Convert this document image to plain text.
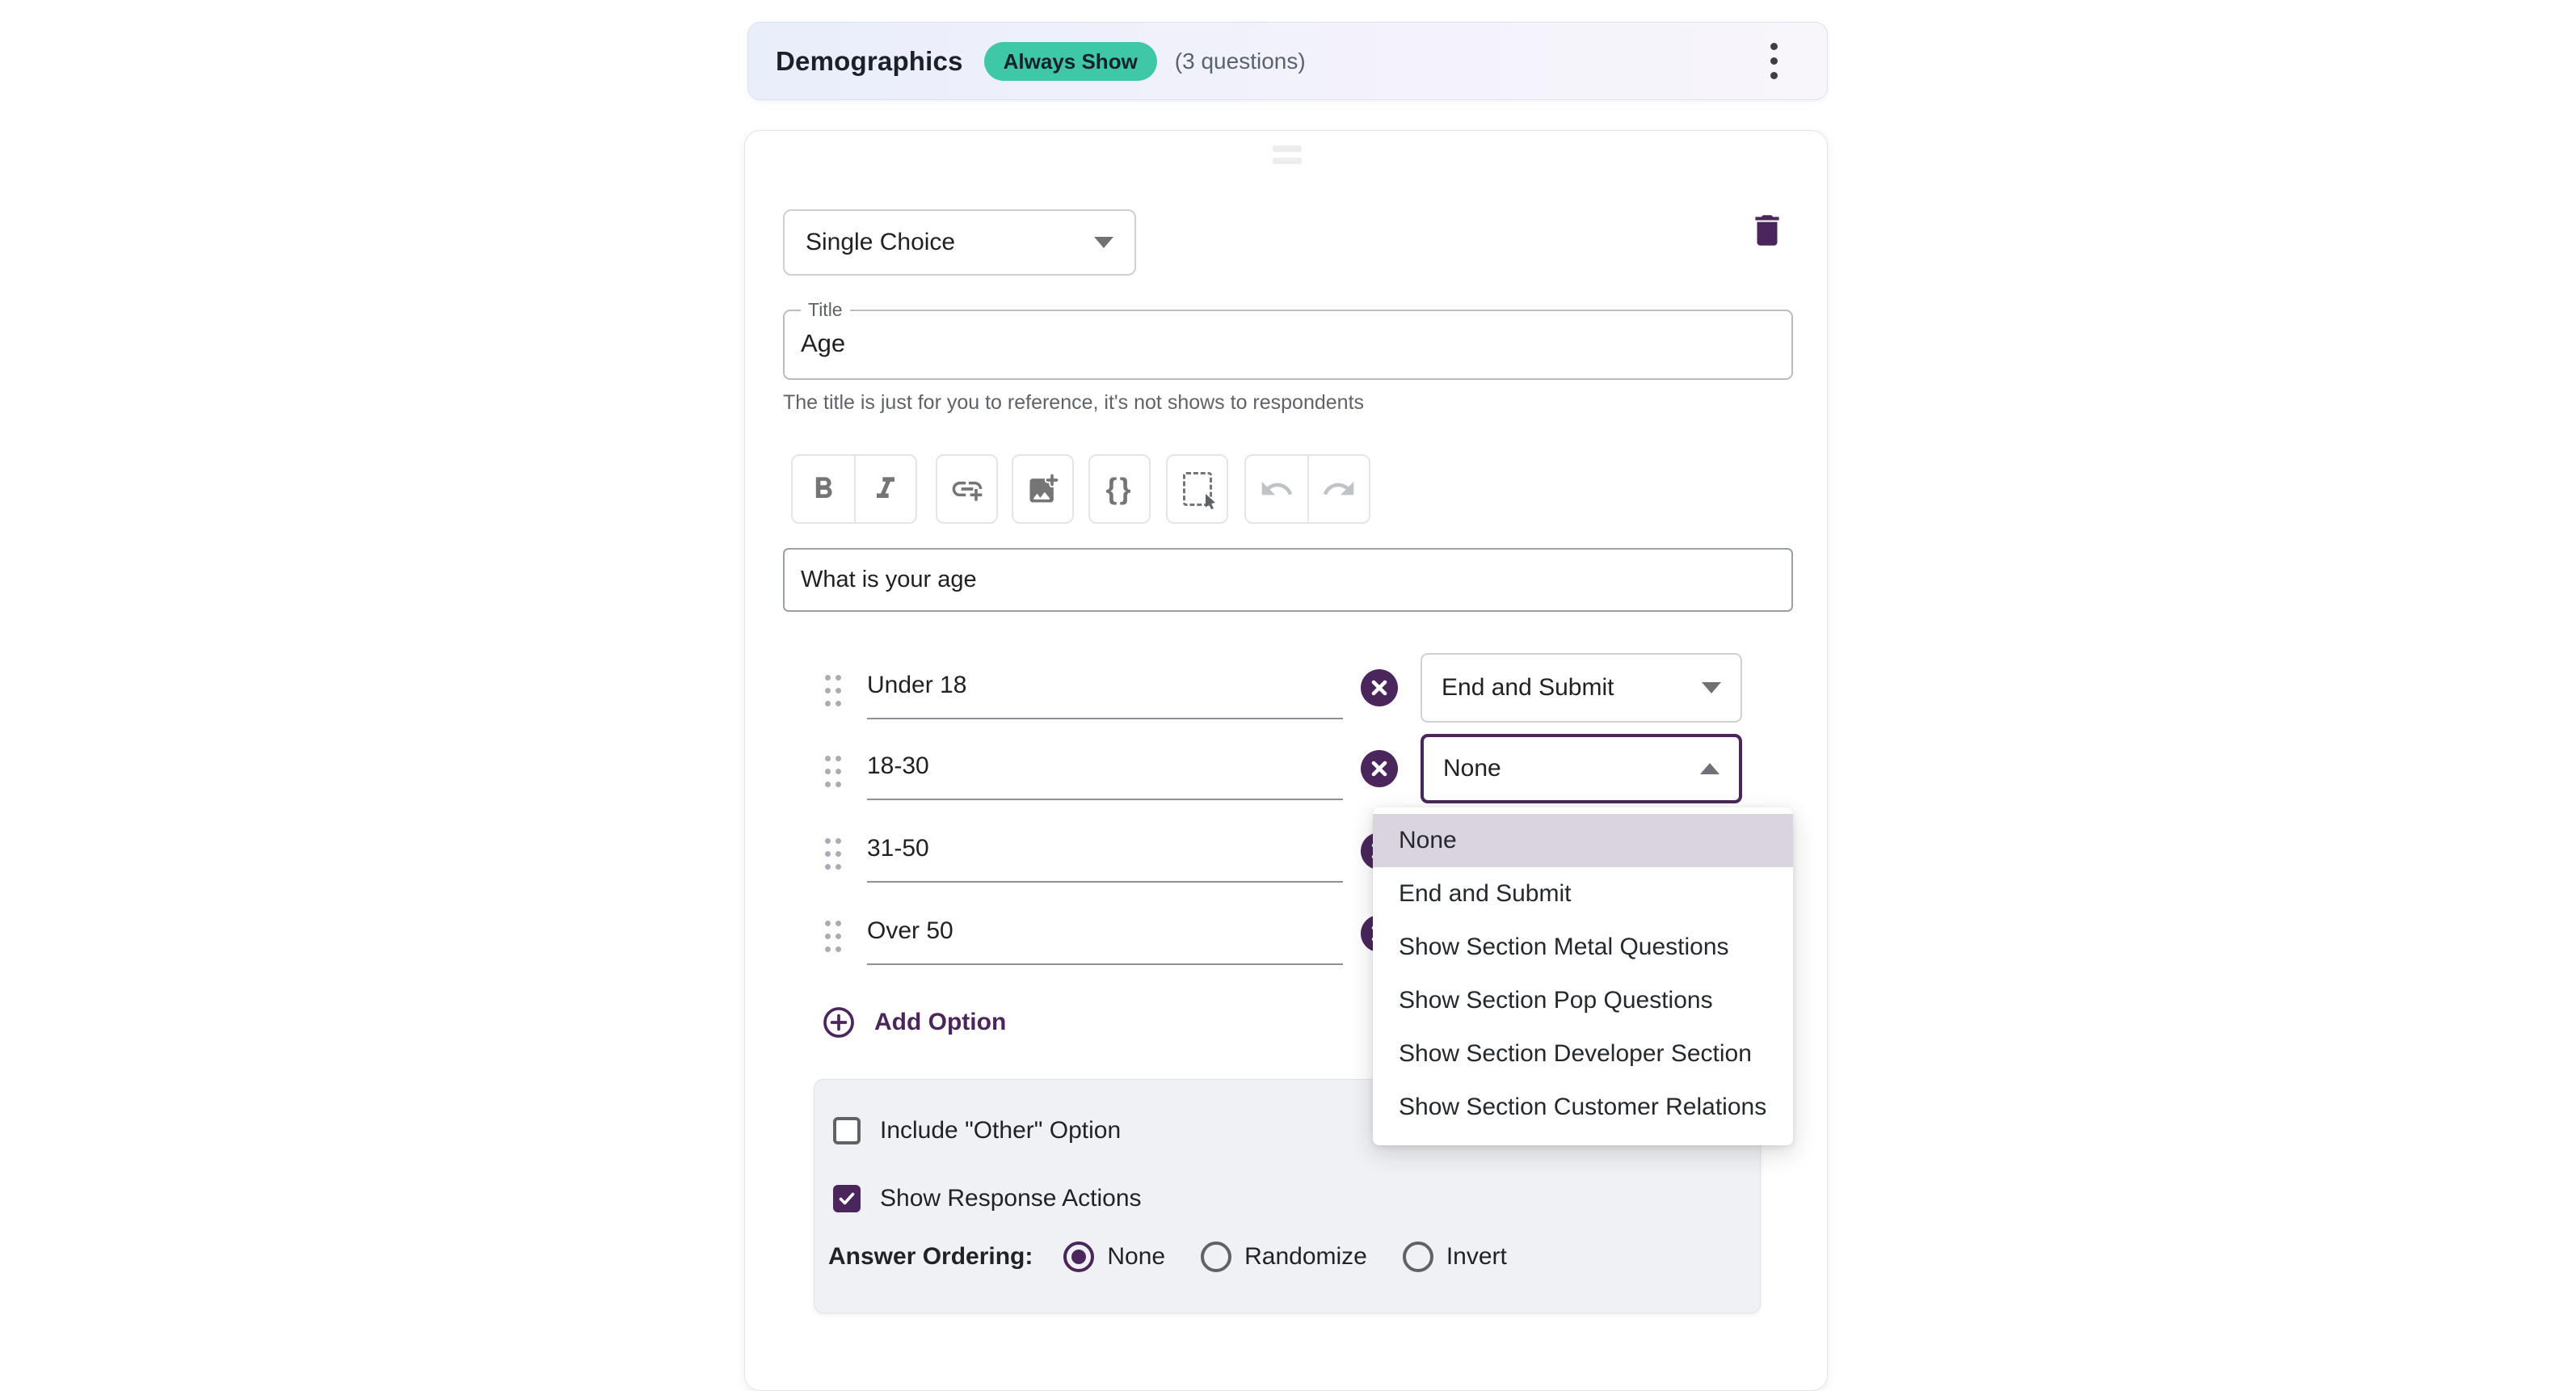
Demographics	Always Show	(3 questions)
Single Choice
Title
Age
The title is just for you to reference, it's not shows to respondents
{}
What is your age
Under 18
End and Submit
18-30
None
31-50
Over 50
None
End and Submit
Show Section Metal Questions
Show Section Pop Questions
Show Section Developer Section
Show Section Customer Relations
Add Option
Include "Other" Option
Show Response Actions
Answer Ordering:	None	Randomize	Invert
